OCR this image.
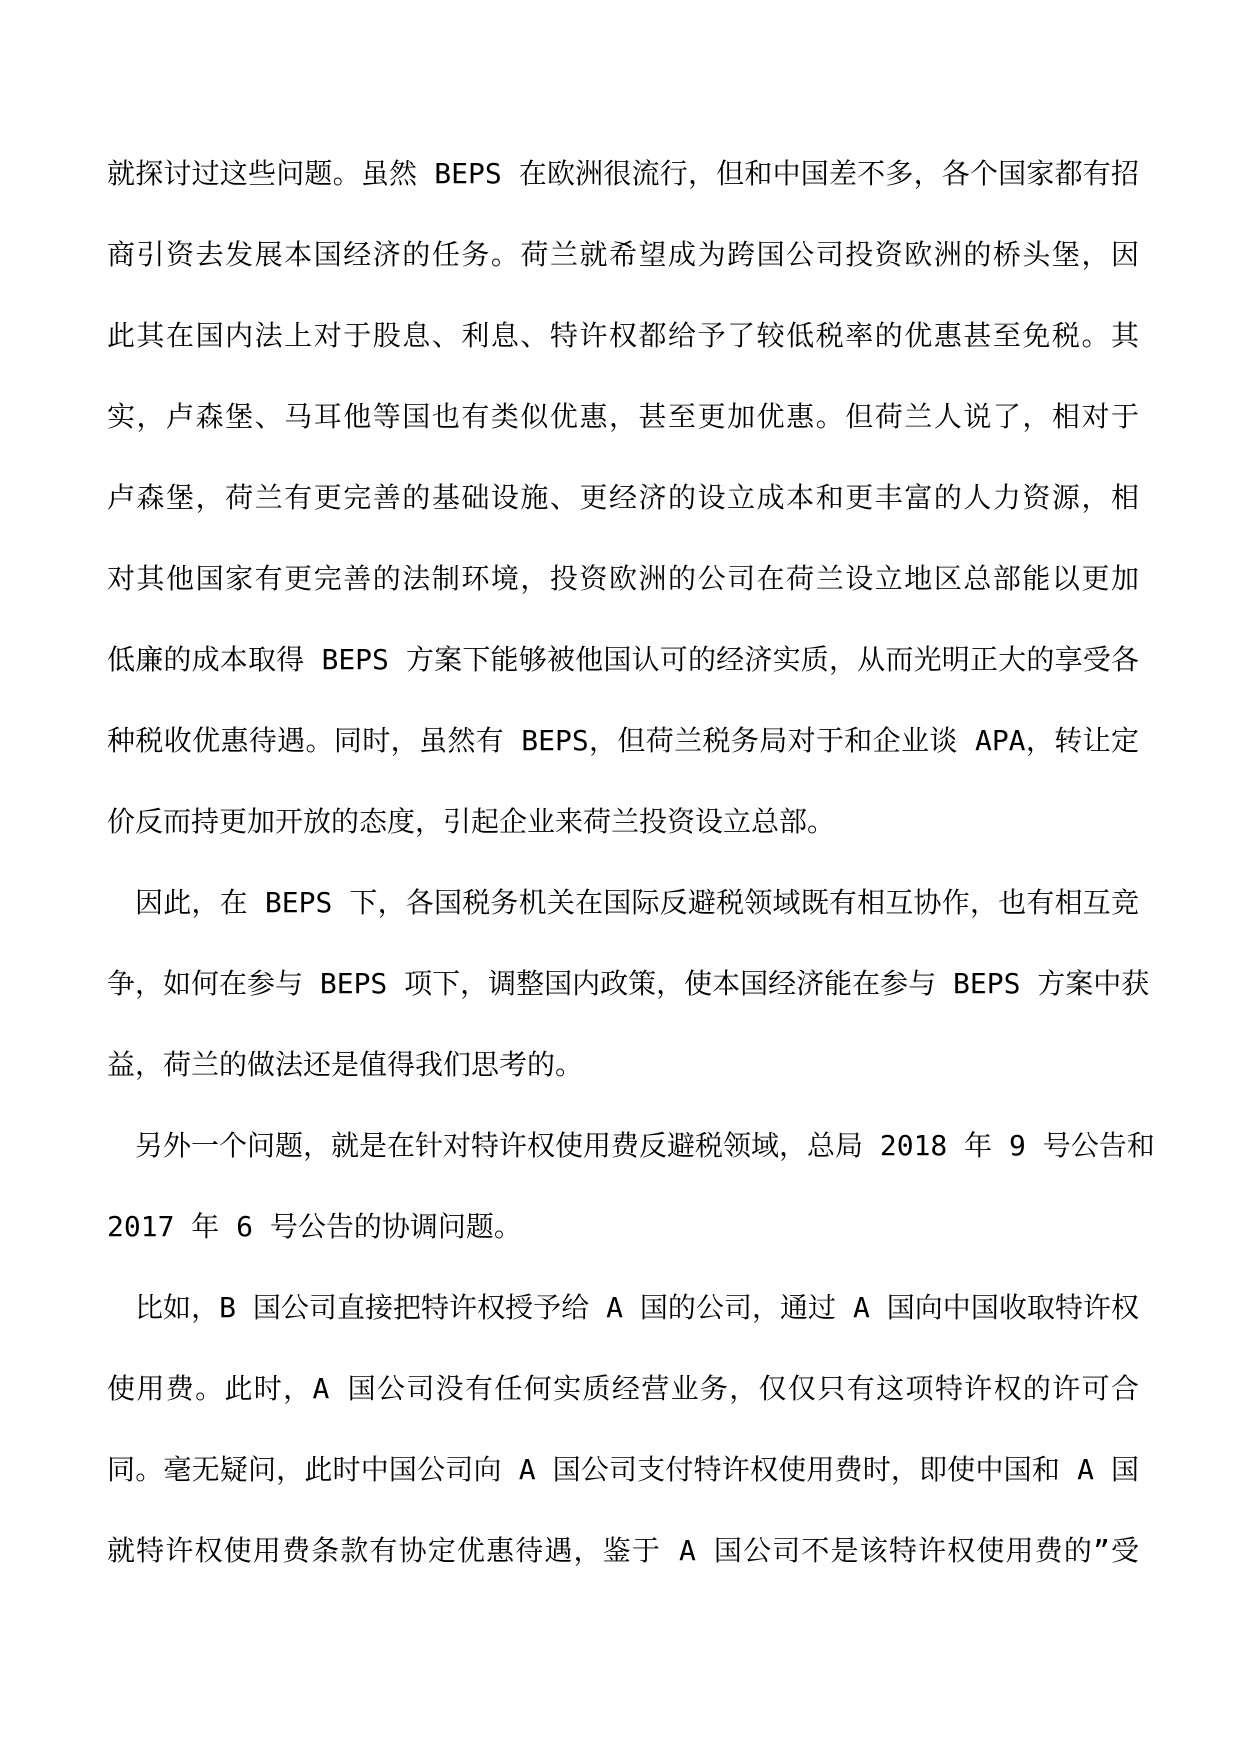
就探讨过这些问题。虽然 BEPS 在欧洲很流行，但和中国差不多，各个国家都有招
商引资去发展本国经济的任务。荷兰就希望成为跨国公司投资欧洲的桥头堡，因
此其在国内法上对于股息、利息、特许权都给予了较低税率的优惠甚至免税。其
实，卢森堡、马耳他等国也有类似优惠，甚至更加优惠。但荷兰人说了，相对于
卢森堡，荷兰有更完善的基础设施、更经济的设立成本和更丰富的人力资源，相
对其他国家有更完善的法制环境，投资欧洲的公司在荷兰设立地区总部能以更加
低廉的成本取得 BEPS 方案下能够被他国认可的经济实质，从而光明正大的享受各
种税收优惠待遇。同时，虽然有 BEPS，但荷兰税务局对于和企业谈 APA，转让定
价反而持更加开放的态度，引起企业来荷兰投资设立总部。
因此，在 BEPS 下，各国税务机关在国际反避税领域既有相互协作，也有相互竞
争，如何在参与 BEPS 项下，调整国内政策，使本国经济能在参与 BEPS 方案中获
益，荷兰的做法还是值得我们思考的。
另外一个问题，就是在针对特许权使用费反避税领域，总局 2018 年 9 号公告和
2017 年 6 号公告的协调问题。
比如，B 国公司直接把特许权授予给 A 国的公司，通过 A 国向中国收取特许权
使用费。此时，A 国公司没有任何实质经营业务，仅仅只有这项特许权的许可合
同。毫无疑问，此时中国公司向 A 国公司支付特许权使用费时，即使中国和 A 国
就特许权使用费条款有协定优惠待遇，鉴于 A 国公司不是该特许权使用费的”受
